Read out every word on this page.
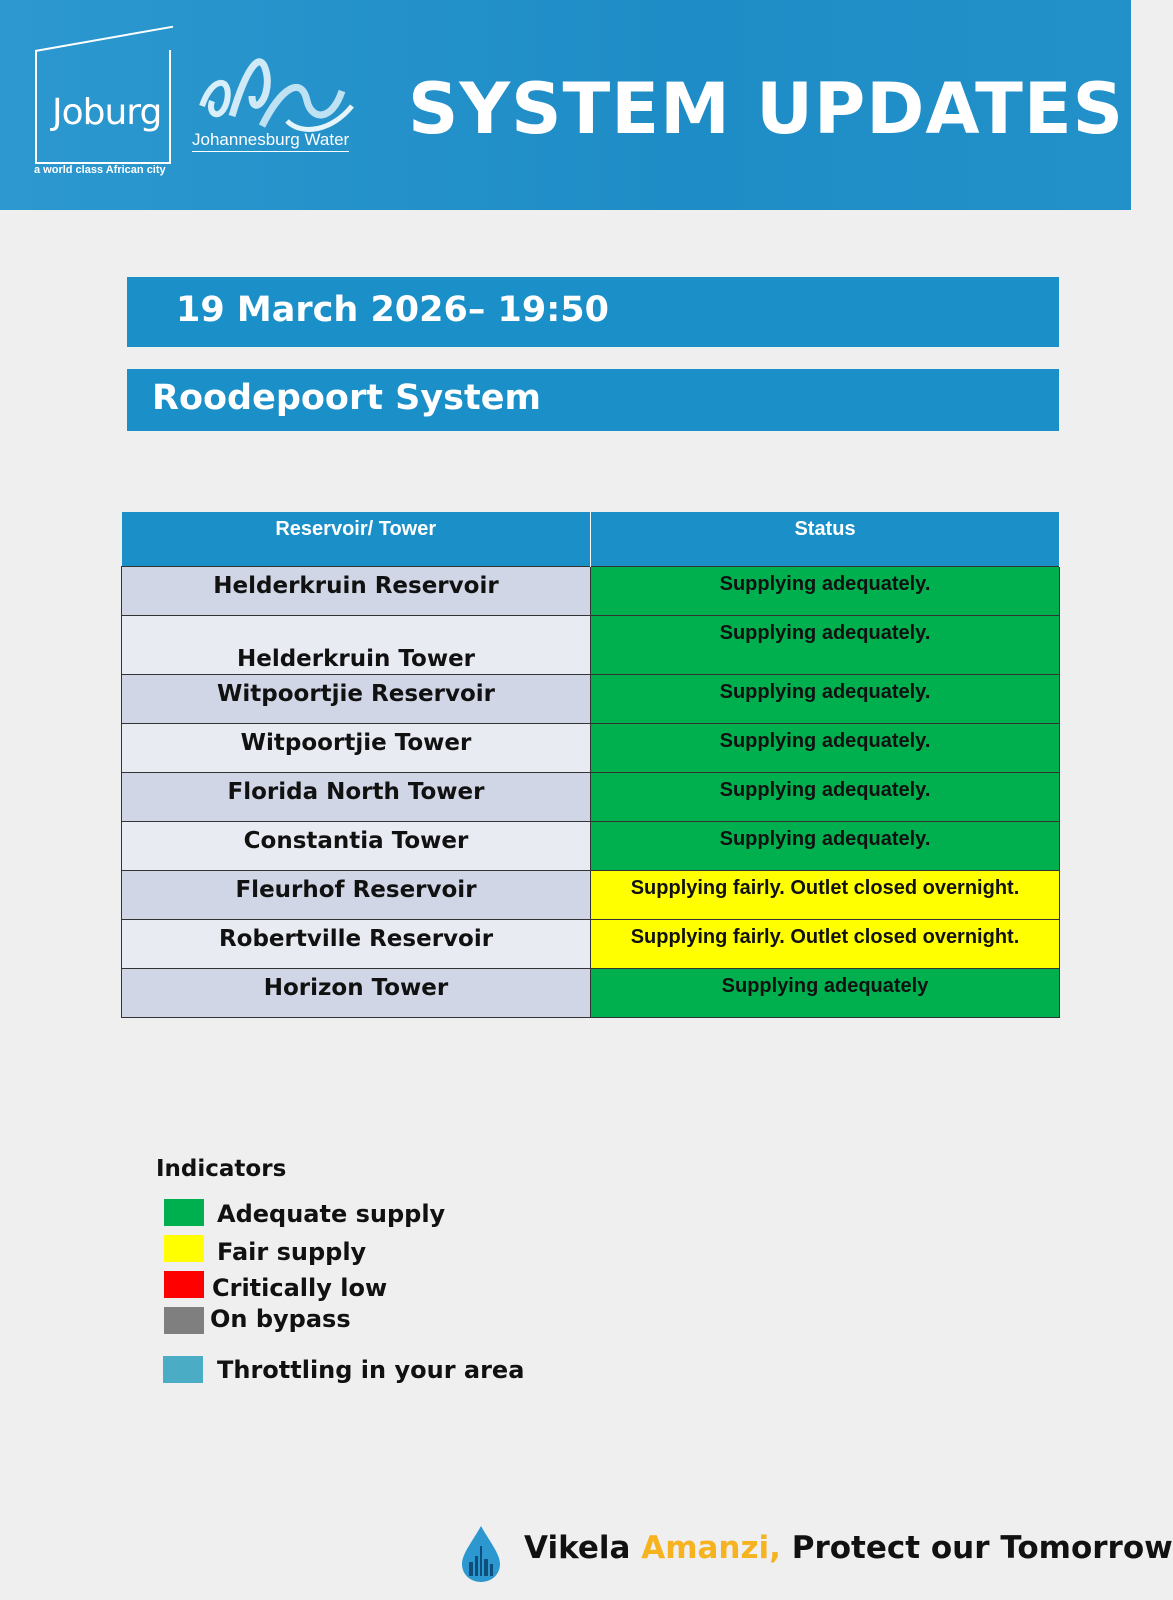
Joburg
a world class African city
Johannesburg Water SYSTEM UPDATES
19 March 2026– 19:50
Roodepoort System
Reservoir/ Tower	Status
Helderkruin Reservoir	Supplying adequately.
Helderkruin Tower	Supplying adequately.
Witpoortjie Reservoir	Supplying adequately.
Witpoortjie Tower	Supplying adequately.
Florida North Tower	Supplying adequately.
Constantia Tower	Supplying adequately.
Fleurhof Reservoir	Supplying fairly. Outlet closed overnight.
Robertville Reservoir	Supplying fairly. Outlet closed overnight.
Horizon Tower	Supplying adequately
Indicators
Adequate supply
Fair supply
Critically low
On bypass
Throttling in your area
Vikela Amanzi, Protect our Tomorrow
